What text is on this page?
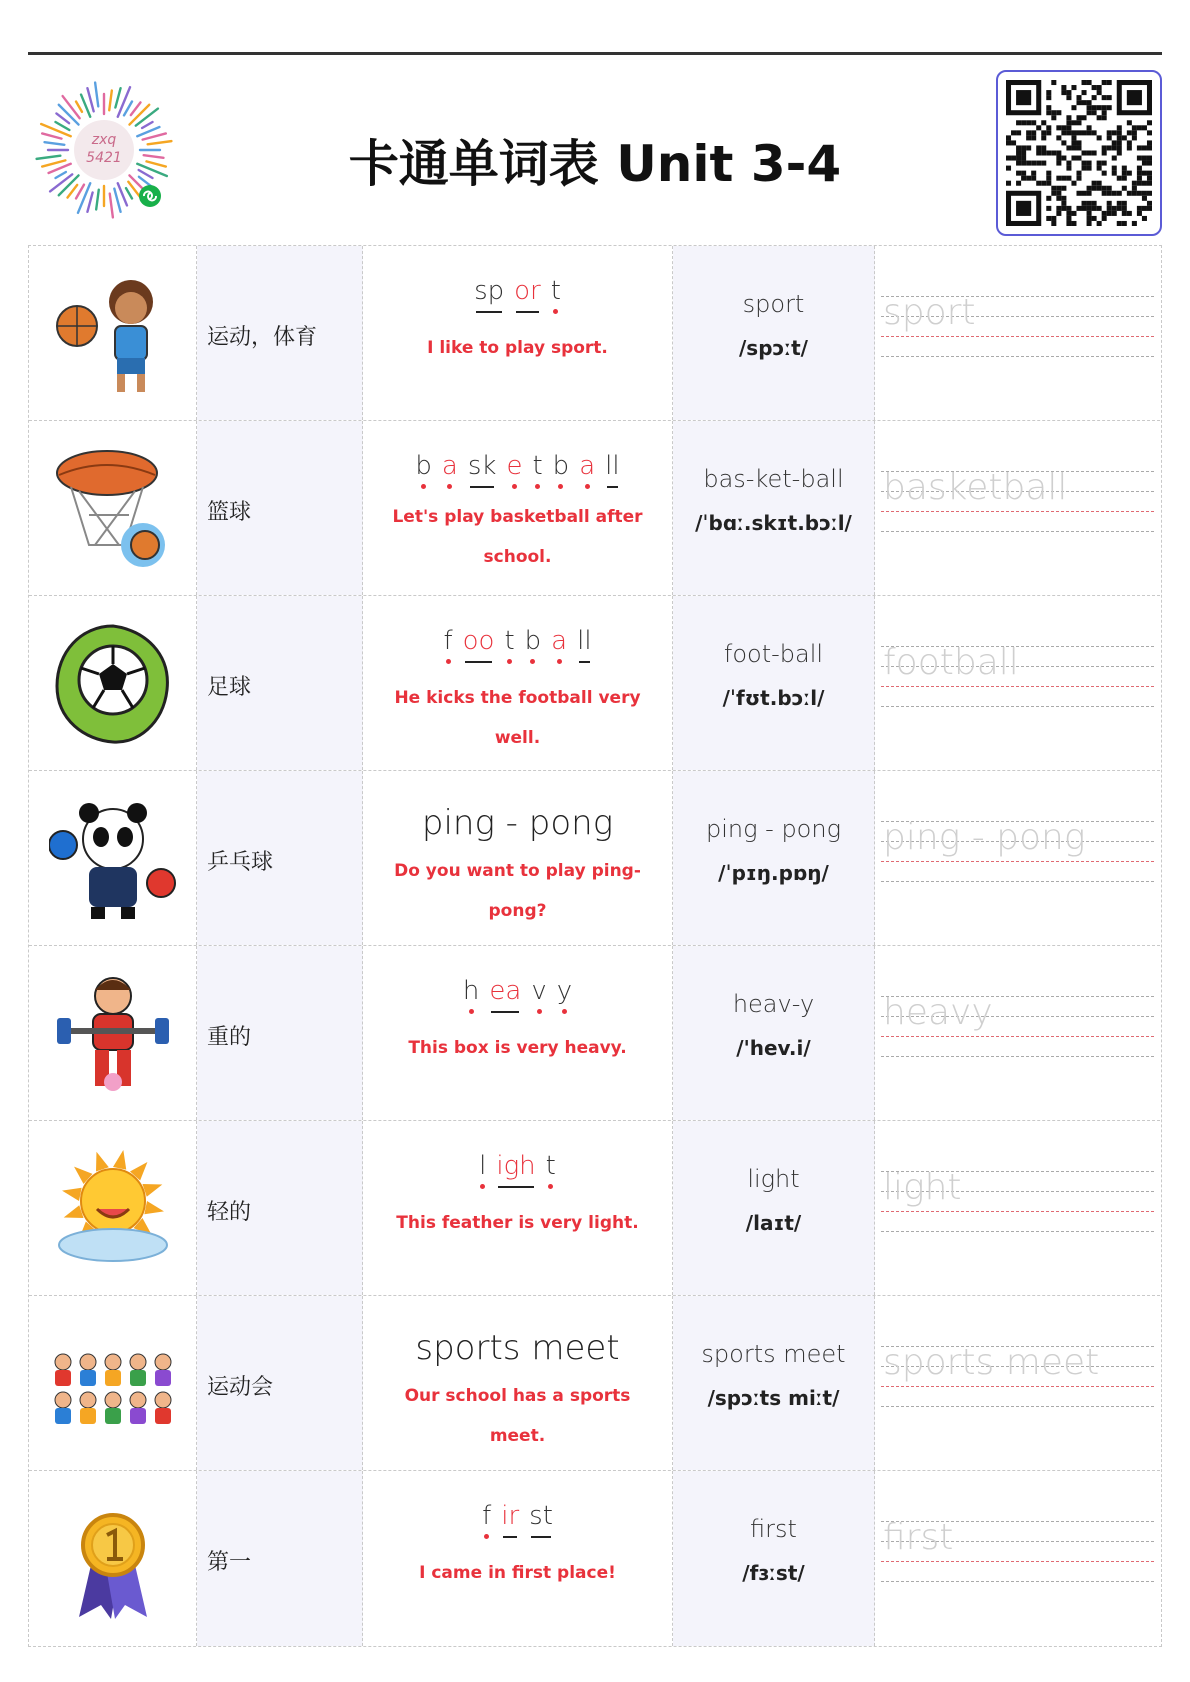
zxq
5421	卡通单词表 Unit 3-4
运动，体育
sp or t
I like to play sport.
sport
/spɔːt/
sport
篮球
b a sk e t b a ll
Let's play basketball after school.
bas-ket-ball
/ˈbɑː.skɪt.bɔːl/
basketball
足球
f oo t b a ll
He kicks the football very well.
foot-ball
/ˈfʊt.bɔːl/
football
乒乓球
ping - pong
Do you want to play ping-pong?
ping - pong
/ˈpɪŋ.pɒŋ/
ping - pong
重的
h ea v y
This box is very heavy.
heav-y
/'hev.i/
heavy
轻的
l igh t
This feather is very light.
light
/laɪt/
light
运动会
sports meet
Our school has a sports meet.
sports meet
/spɔːts miːt/
sports meet
第一
f ir st
I came in first place!
first
/fɜːst/
first
